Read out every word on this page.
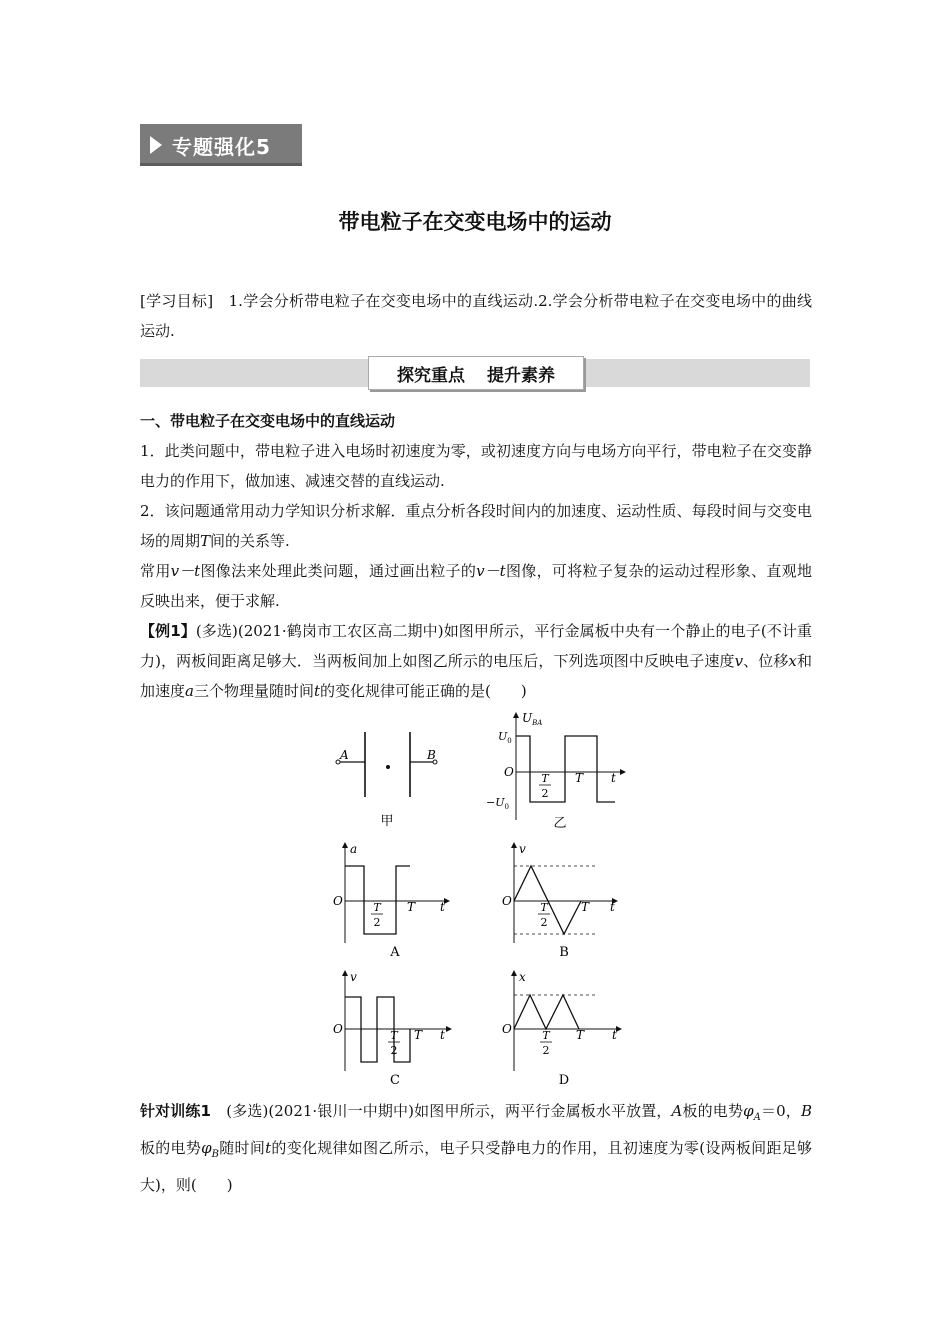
专题强化5
带电粒子在交变电场中的运动
[学习目标]　 1.学会分析带电粒子在交变电场中的直线运动.2.学会分析带电粒子在交变电场中的曲线运动.
探究重点 提升素养
一、带电粒子在交变电场中的直线运动
1．此类问题中，带电粒子进入电场时初速度为零，或初速度方向与电场方向平行，带电粒子在交变静电力的作用下，做加速、减速交替的直线运动.
2．该问题通常用动力学知识分析求解．重点分析各段时间内的加速度、运动性质、每段时间与交变电场的周期T间的关系等.
常用v－t图像法来处理此类问题，通过画出粒子的v－t图像，可将粒子复杂的运动过程形象、直观地反映出来，便于求解.
【例1】(多选)(2021·鹤岗市工农区高二期中)如图甲所示，平行金属板中央有一个静止的电子(不计重力)，两板间距离足够大．当两板间加上如图乙所示的电压后，下列选项图中反映电子速度v、位移x和加速度a三个物理量随时间t的变化规律可能正确的是(　　)
A	B
甲
$U_{BA}$
$U_0$
$-U_0$
O T
2
T t
乙
a
O	T
2
T t
A
v
O	T
2
T t
B
v
O	T
2
T t
C
x
O	T
2
T t
D
针对训练1　 (多选)(2021·银川一中期中)如图甲所示，两平行金属板水平放置，A板的电势$\varphi_A=0$，B板的电势$\varphi_B$随时间t的变化规律如图乙所示，电子只受静电力的作用，且初速度为零(设两板间距足够大)，则(　　)
